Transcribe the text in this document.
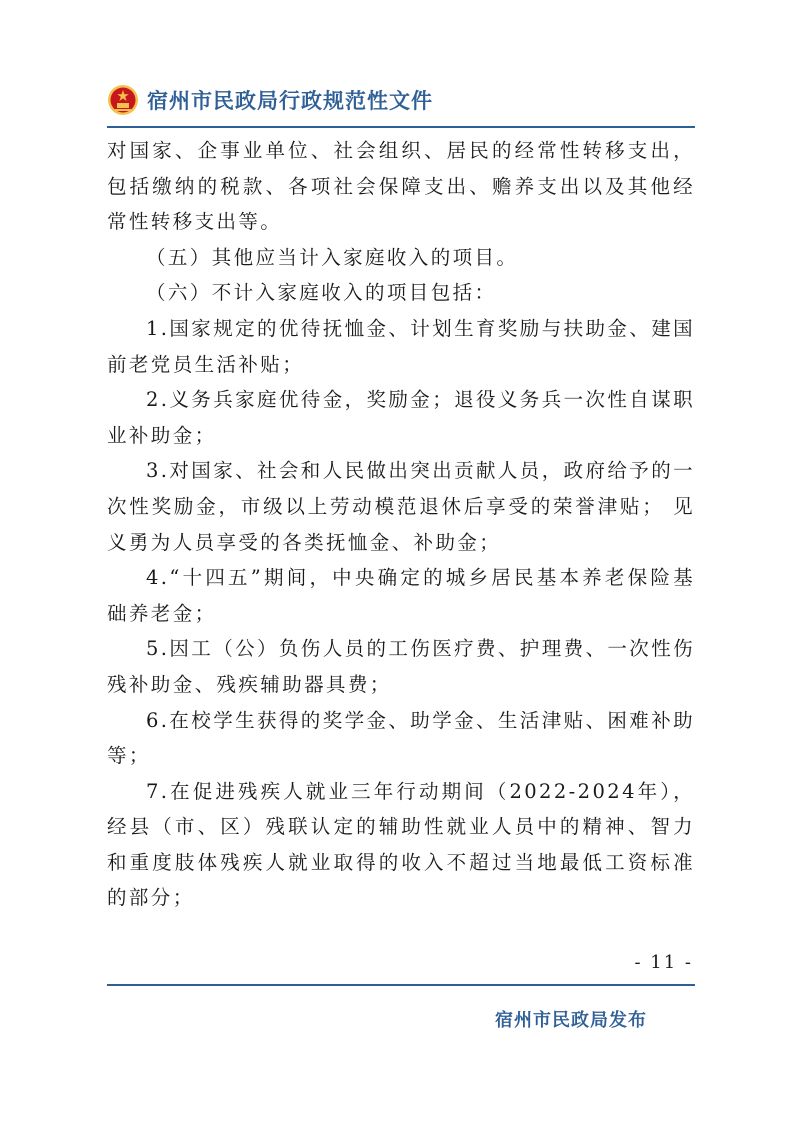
宿州市民政局行政规范性文件

对国家、企事业单位、社会组织、居民的经常性转移支出，包括缴纳的税款、各项社会保障支出、赡养支出以及其他经常性转移支出等。

（五）其他应当计入家庭收入的项目。

（六）不计入家庭收入的项目包括：

1.国家规定的优待抚恤金、计划生育奖励与扶助金、建国前老党员生活补贴；

2.义务兵家庭优待金，奖励金；退役义务兵一次性自谋职业补助金；

3.对国家、社会和人民做出突出贡献人员，政府给予的一次性奖励金，市级以上劳动模范退休后享受的荣誉津贴； 见义勇为人员享受的各类抚恤金、补助金；

4.“十四五”期间，中央确定的城乡居民基本养老保险基础养老金；

5.因工（公）负伤人员的工伤医疗费、护理费、一次性伤残补助金、残疾辅助器具费；

6.在校学生获得的奖学金、助学金、生活津贴、困难补助等；

7.在促进残疾人就业三年行动期间（2022-2024年），经县（市、区）残联认定的辅助性就业人员中的精神、智力和重度肢体残疾人就业取得的收入不超过当地最低工资标准的部分；

- 11 -
宿州市民政局发布
